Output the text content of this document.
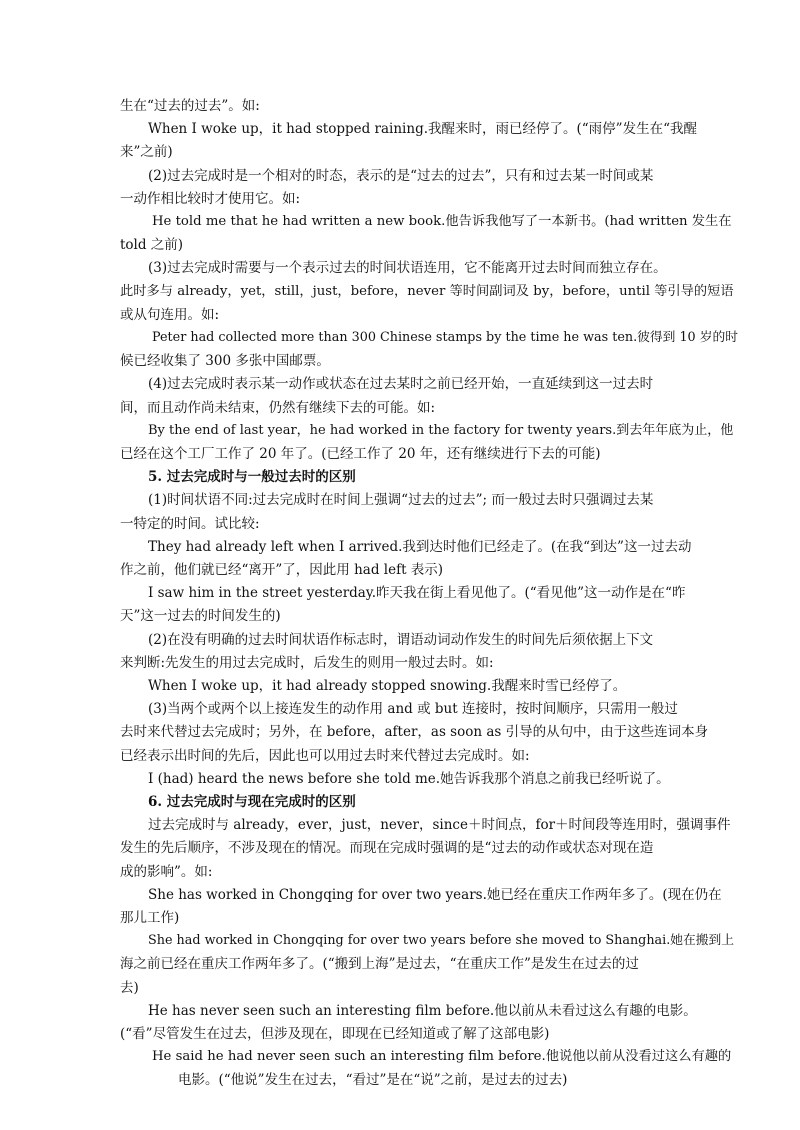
生在“过去的过去”。如:
When I woke up，it had stopped raining.我醒来时，雨已经停了。(“雨停”发生在“我醒
来”之前)
(2)过去完成时是一个相对的时态，表示的是“过去的过去”，只有和过去某一时间或某
一动作相比较时才使用它。如:
He told me that he had written a new book.他告诉我他写了一本新书。(had written 发生在
told 之前)
(3)过去完成时需要与一个表示过去的时间状语连用，它不能离开过去时间而独立存在。
此时多与 already，yet，still，just，before，never 等时间副词及 by，before，until 等引导的短语
或从句连用。如:
Peter had collected more than 300 Chinese stamps by the time he was ten.彼得到 10 岁的时
候已经收集了 300 多张中国邮票。
(4)过去完成时表示某一动作或状态在过去某时之前已经开始，一直延续到这一过去时
间，而且动作尚未结束，仍然有继续下去的可能。如:
By the end of last year，he had worked in the factory for twenty years.到去年年底为止，他
已经在这个工厂工作了 20 年了。(已经工作了 20 年，还有继续进行下去的可能)
5. 过去完成时与一般过去时的区别
(1)时间状语不同:过去完成时在时间上强调“过去的过去”; 而一般过去时只强调过去某
一特定的时间。试比较:
They had already left when I arrived.我到达时他们已经走了。(在我“到达”这一过去动
作之前，他们就已经“离开”了，因此用 had left 表示)
I saw him in the street yesterday.昨天我在街上看见他了。(“看见他”这一动作是在“昨
天”这一过去的时间发生的)
(2)在没有明确的过去时间状语作标志时，谓语动词动作发生的时间先后须依据上下文
来判断:先发生的用过去完成时，后发生的则用一般过去时。如:
When I woke up，it had already stopped snowing.我醒来时雪已经停了。
(3)当两个或两个以上接连发生的动作用 and 或 but 连接时，按时间顺序，只需用一般过
去时来代替过去完成时；另外，在 before，after，as soon as 引导的从句中，由于这些连词本身
已经表示出时间的先后，因此也可以用过去时来代替过去完成时。如:
I (had) heard the news before she told me.她告诉我那个消息之前我已经听说了。
6. 过去完成时与现在完成时的区别
过去完成时与 already，ever，just，never，since＋时间点，for＋时间段等连用时，强调事件
发生的先后顺序，不涉及现在的情况。而现在完成时强调的是“过去的动作或状态对现在造
成的影响”。如:
She has worked in Chongqing for over two years.她已经在重庆工作两年多了。(现在仍在
那儿工作)
She had worked in Chongqing for over two years before she moved to Shanghai.她在搬到上
海之前已经在重庆工作两年多了。(“搬到上海”是过去，“在重庆工作”是发生在过去的过
去)
He has never seen such an interesting film before.他以前从未看过这么有趣的电影。
(“看”尽管发生在过去，但涉及现在，即现在已经知道或了解了这部电影)
He said he had never seen such an interesting film before.他说他以前从没看过这么有趣的
电影。(“他说”发生在过去，“看过”是在“说”之前，是过去的过去)
